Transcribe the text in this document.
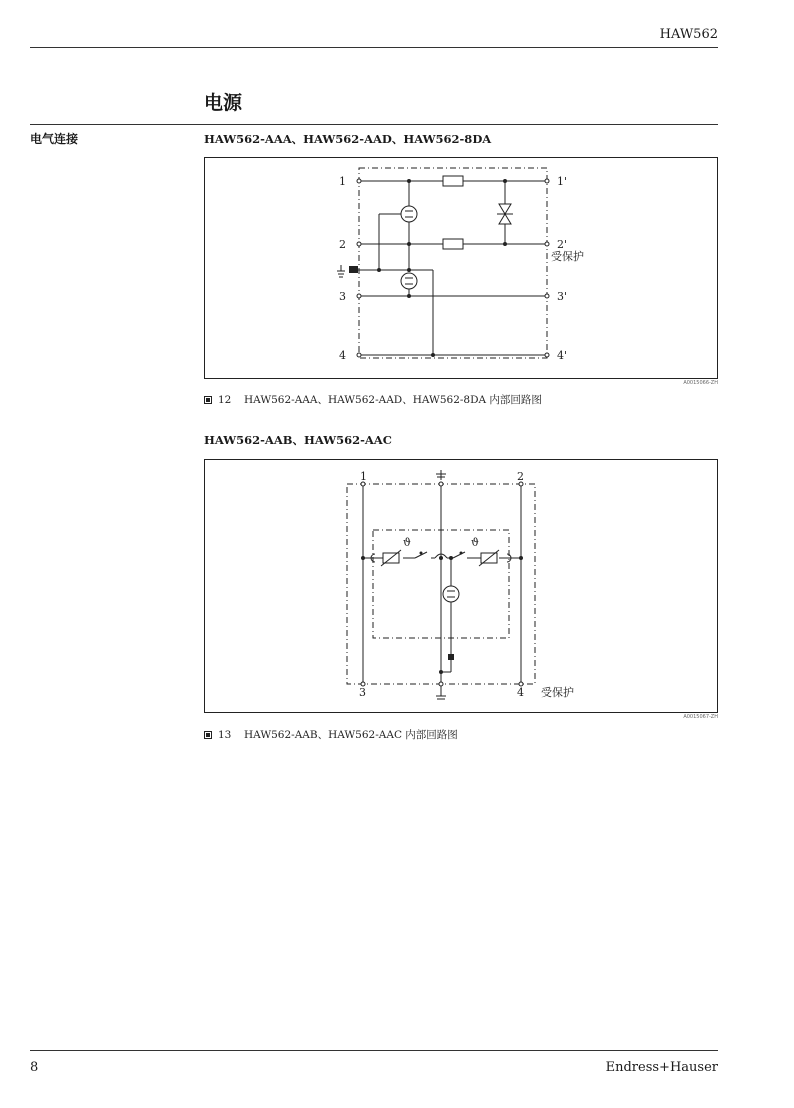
HAW562
电源
电气连接	HAW562-AAA、HAW562-AAD、HAW562-8DA
1
2
3
4
1'
2'
3'
4'
受保护
A0015066-ZH
12	HAW562-AAA、HAW562-AAD、HAW562-8DA 内部回路图
HAW562-AAB、HAW562-AAC
1	2
3	4 受保护
ϑ	ϑ
A0015067-ZH
13	HAW562-AAB、HAW562-AAC 内部回路图
8	Endress+Hauser
